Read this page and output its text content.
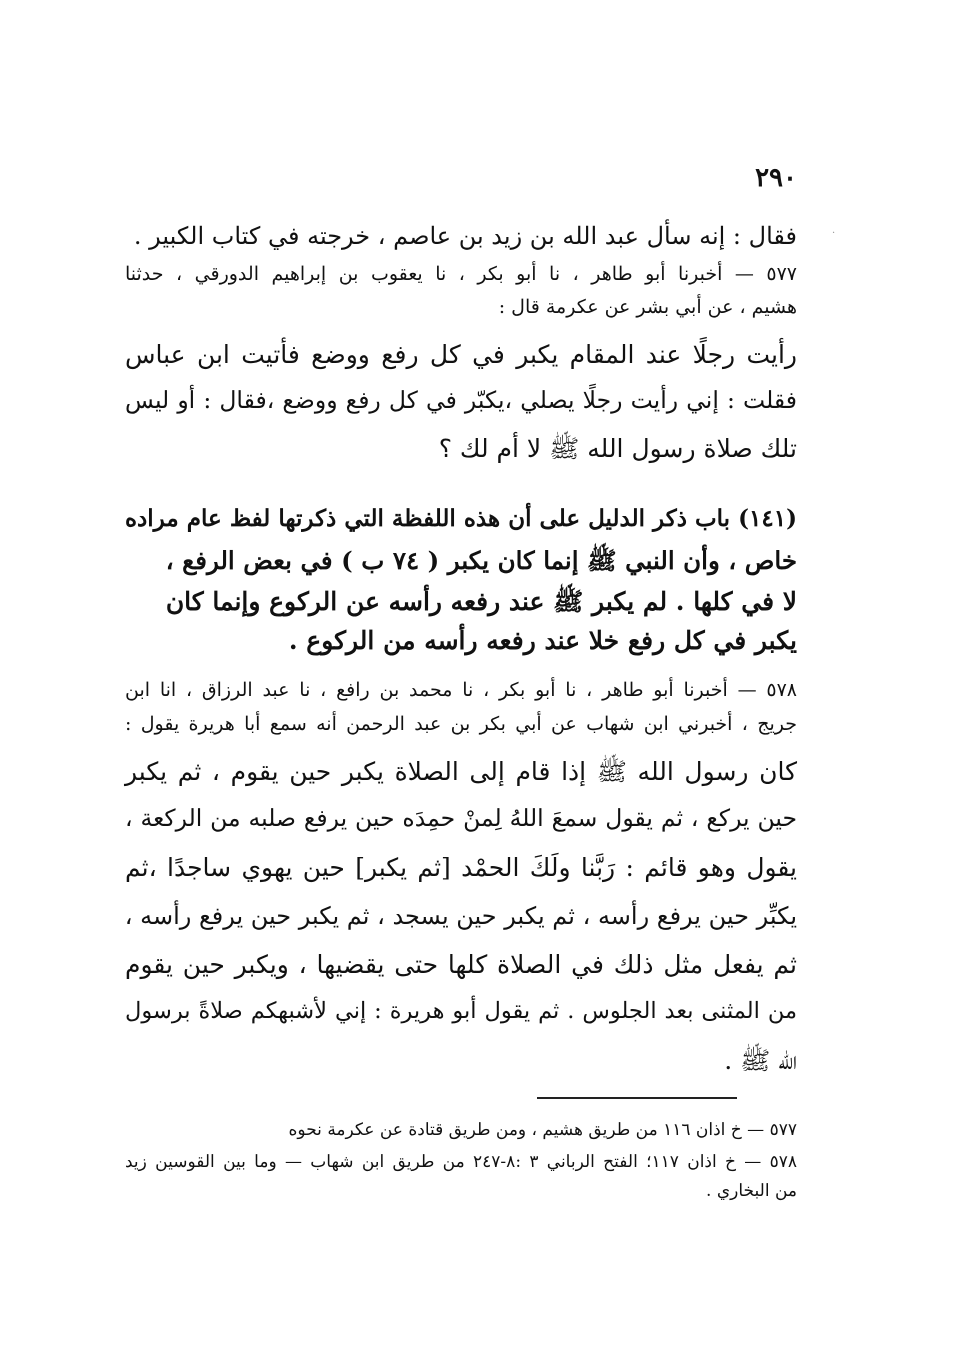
٢٩٠
·
فقال : إنه سأل عبد الله بن زيد بن عاصم ، خرجته في كتاب الكبير .
٥٧٧ — أخبرنا أبو طاهر ، نا أبو بكر ، نا يعقوب بن إبراهيم الدورقي ، حدثنا
هشيم ، عن أبي بشر عن عكرمة قال :
رأيت رجلًا عند المقام يكبر في كل رفع ووضع فأتيت ابن عباس
فقلت : إني رأيت رجلًا يصلي ،يكبّر في كل رفع ووضع ،فقال : أو ليس
تلك صلاة رسول الله ﷺ لا أم لك ؟
(١٤١) باب ذكر الدليل على أن هذه اللفظة التي ذكرتها لفظ عام مراده
خاص ، وأن النبي ﷺ إنما كان يكبر ( ٧٤ ب ) في بعض الرفع ،
لا في كلها . لم يكبر ﷺ عند رفعه رأسه عن الركوع وإنما كان
يكبر في كل رفع خلا عند رفعه رأسه من الركوع .
٥٧٨ — أخبرنا أبو طاهر ، نا أبو بكر ، نا محمد بن رافع ، نا عبد الرزاق ، انا ابن
جريج ، أخبرني ابن شهاب عن أبي بكر بن عبد الرحمن أنه سمع أبا هريرة يقول :
كان رسول الله ﷺ إذا قام إلى الصلاة يكبر حين يقوم ، ثم يكبر
حين يركع ، ثم يقول سمعَ اللهُ لِمنْ حمِدَه حين يرفع صلبه من الركعة ،
يقول وهو قائم : رَبَّنا ولَكَ الحمْد [ثم يكبر] حين يهوي ساجدًا ،ثم
يكبِّر حين يرفع رأسه ، ثم يكبر حين يسجد ، ثم يكبر حين يرفع رأسه ،
ثم يفعل مثل ذلك في الصلاة كلها حتى يقضيها ، ويكبر حين يقوم
من المثنى بعد الجلوس . ثم يقول أبو هريرة : إني لأشبهكم صلاةً برسول
الله ﷺ .
٥٧٧ — خ اذان ١١٦ من طريق هشيم ، ومن طريق قتادة عن عكرمة نحوه
٥٧٨ — خ اذان ١١٧؛ الفتح الرباني ٣ :٨-٢٤٧ من طريق ابن شهاب — وما بين القوسين زيد
من البخاري .
